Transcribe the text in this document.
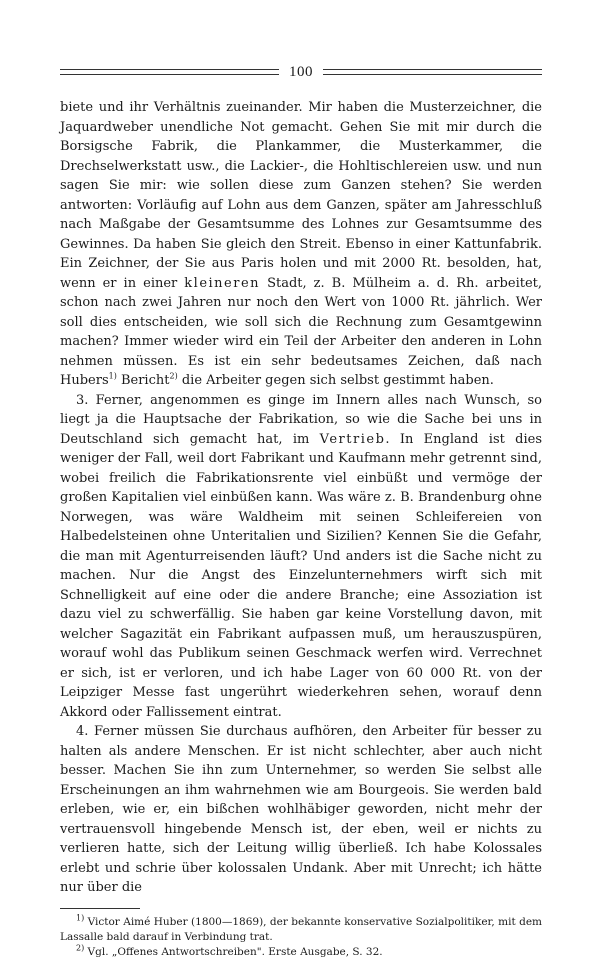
100

biete und ihr Verhältnis zueinander. Mir haben die Musterzeichner, die Jaquardweber unendliche Not gemacht. Gehen Sie mit mir durch die Borsigsche Fabrik, die Plankammer, die Musterkammer, die Drechselwerkstatt usw., die Lackier-, die Hohltischlereien usw. und nun sagen Sie mir: wie sollen diese zum Ganzen stehen? Sie werden antworten: Vorläufig auf Lohn aus dem Ganzen, später am Jahresschluß nach Maßgabe der Gesamtsumme des Lohnes zur Gesamtsumme des Gewinnes. Da haben Sie gleich den Streit. Ebenso in einer Kattunfabrik. Ein Zeichner, der Sie aus Paris holen und mit 2000 Rt. besolden, hat, wenn er in einer kleineren Stadt, z. B. Mülheim a. d. Rh. arbeitet, schon nach zwei Jahren nur noch den Wert von 1000 Rt. jährlich. Wer soll dies entscheiden, wie soll sich die Rechnung zum Gesamtgewinn machen? Immer wieder wird ein Teil der Arbeiter den anderen in Lohn nehmen müssen. Es ist ein sehr bedeutsames Zeichen, daß nach Hubers$^{1)}$ Bericht$^{2)}$ die Arbeiter gegen sich selbst gestimmt haben.

3. Ferner, angenommen es ginge im Innern alles nach Wunsch, so liegt ja die Hauptsache der Fabrikation, so wie die Sache bei uns in Deutschland sich gemacht hat, im Vertrieb. In England ist dies weniger der Fall, weil dort Fabrikant und Kaufmann mehr getrennt sind, wobei freilich die Fabrikationsrente viel einbüßt und vermöge der großen Kapitalien viel einbüßen kann. Was wäre z. B. Brandenburg ohne Norwegen, was wäre Waldheim mit seinen Schleifereien von Halbedelsteinen ohne Unteritalien und Sizilien? Kennen Sie die Gefahr, die man mit Agenturreisenden läuft? Und anders ist die Sache nicht zu machen. Nur die Angst des Einzelunternehmers wirft sich mit Schnelligkeit auf eine oder die andere Branche; eine Assoziation ist dazu viel zu schwerfällig. Sie haben gar keine Vorstellung davon, mit welcher Sagazität ein Fabrikant aufpassen muß, um herauszuspüren, worauf wohl das Publikum seinen Geschmack werfen wird. Verrechnet er sich, ist er verloren, und ich habe Lager von 60 000 Rt. von der Leipziger Messe fast ungerührt wiederkehren sehen, worauf denn Akkord oder Fallissement eintrat.

4. Ferner müssen Sie durchaus aufhören, den Arbeiter für besser zu halten als andere Menschen. Er ist nicht schlechter, aber auch nicht besser. Machen Sie ihn zum Unternehmer, so werden Sie selbst alle Erscheinungen an ihm wahrnehmen wie am Bourgeois. Sie werden bald erleben, wie er, ein bißchen wohlhäbiger geworden, nicht mehr der vertrauensvoll hingebende Mensch ist, der eben, weil er nichts zu verlieren hatte, sich der Leitung willig überließ. Ich habe Kolossales erlebt und schrie über kolossalen Undank. Aber mit Unrecht; ich hätte nur über die

$^{1)}$ Victor Aimé Huber (1800—1869), der bekannte konservative Sozialpolitiker, mit dem Lassalle bald darauf in Verbindung trat.

$^{2)}$ Vgl. „Offenes Antwortschreiben". Erste Ausgabe, S. 32.
